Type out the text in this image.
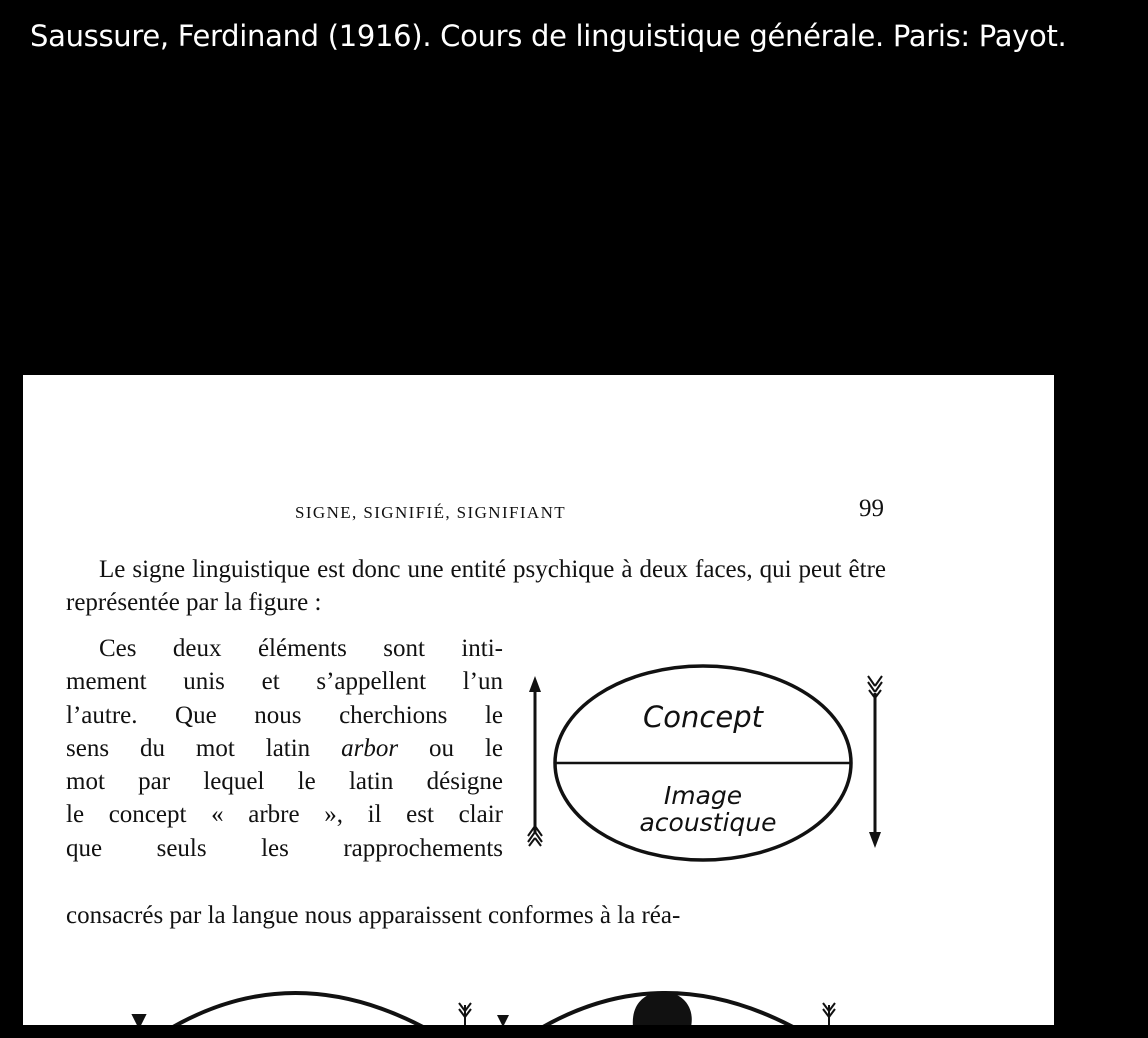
Saussure, Ferdinand (1916). Cours de linguistique générale. Paris: Payot.
SIGNE, SIGNIFIÉ, SIGNIFIANT	99
Le signe linguistique est donc une entité psychique à deux faces, qui peut être représentée par la figure :
Ces deux éléments sont inti-
mement unis et s’appellent l’un
l’autre. Que nous cherchions le
sens du mot latin arbor ou le
mot par lequel le latin désigne
le concept « arbre », il est clair
que seuls les rapprochements
Concept
Image
acoustique
consacrés par la langue nous apparaissent conformes à la réa-
